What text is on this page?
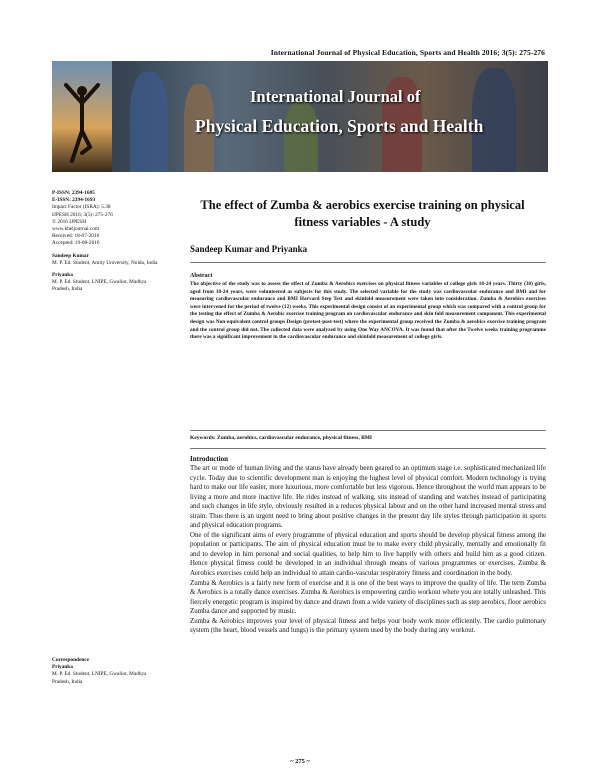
International Journal of Physical Education, Sports and Health 2016; 3(5): 275-276
International Journal of
Physical Education, Sports and Health
P-ISSN: 2394-1685
E-ISSN: 2394-1693
Impact Factor (ISRA): 5.38
IJPESH 2016; 3(5): 275-276
© 2016 IJPESH
www.kheljournal.com
Received: 18-07-2016
Accepted: 19-08-2016
Sandeep Kumar
M. P. Ed. Student, Amity University, Noida, India
Priyanka
M. P. Ed. Student, LNIPE, Gwalior, Madhya Pradesh, India
Correspondence
Priyanka
M. P. Ed. Student, LNIPE, Gwalior, Madhya Pradesh, India
The effect of Zumba & aerobics exercise training on physical fitness variables - A study
Sandeep Kumar and Priyanka
Abstract
The objective of the study was to assess the effect of Zumba & Aerobics exercises on physical fitness variables of college girls 18-24 years. Thirty (30) girls, aged from 18-24 years, were volunteered as subjects for this study. The selected variable for the study was cardiovascular endurance and BMI and for measuring cardiovascular endurance and BMI Harvard Step Test and skinfold measurement were taken into consideration. Zumba & Aerobics exercises were intervened for the period of twelve (12) weeks. This experimental design consist of an experimental group which was compared with a control group for the testing the effect of Zumba & Aerobic exercise training program on cardiovascular endurance and skin fold measurement component. This experimental design was Non-equivalent control groups Design (pretest-post-test) where the experimental group received the Zumba & aerobics exercise training program and the control group did not. The collected data were analyzed by using One Way ANCOVA. It was found that after the Twelve weeks training programme there was a significant improvement in the cardiovascular endurance and skinfold measurement of college girls.
Keywords: Zumba, aerobics, cardiovascular endurance, physical fitness, BMI
Introduction

The art or mode of human living and the status have already been geared to an optimum stage i.e. sophisticated mechanized life cycle. Today due to scientific development man is enjoying the highest level of physical comfort. Modern technology is trying hard to make our life easier, more luxurious, more comfortable but less vigorous. Hence throughout the world man appears to be living a more and more inactive life. He rides instead of walking, sits instead of standing and watches instead of participating and such changes in life style, obviously resulted in a reduces physical labour and on the other hand increased mental stress and strain. Thus there is an urgent need to bring about positive changes in the present day life styles through participation in sports and physical education programs.

One of the significant aims of every programme of physical education and sports should be develop physical fitness among the population or participants. The aim of physical education must be to make every child physically, mentally and emotionally fit and to develop in him personal and social qualities, to help him to live happily with others and build him as a good citizen. Hence physical fitness could be developed in an individual through means of various programmes or exercises. Zumba & Aerobics exercises could help an individual to attain cardio-vascular respiratory fitness and coordination in the body.

Zumba & Aerobics is a fairly new form of exercise and it is one of the best ways to improve the quality of life. The term Zumba & Aerobics is a totally dance exercises. Zumba & Aerobics is empowering cardio workout where you are totally unleashed. This fiercely energetic program is inspired by dance and drawn from a wide variety of disciplines such as step aerobics, floor aerobics Zumba dance and supported by music.

Zumba & Aerobics improves your level of physical fitness and helps your body work more efficiently. The cardio pulmonary system (the heart, blood vessels and lungs) is the primary system used by the body during any workout.

~ 275 ~
